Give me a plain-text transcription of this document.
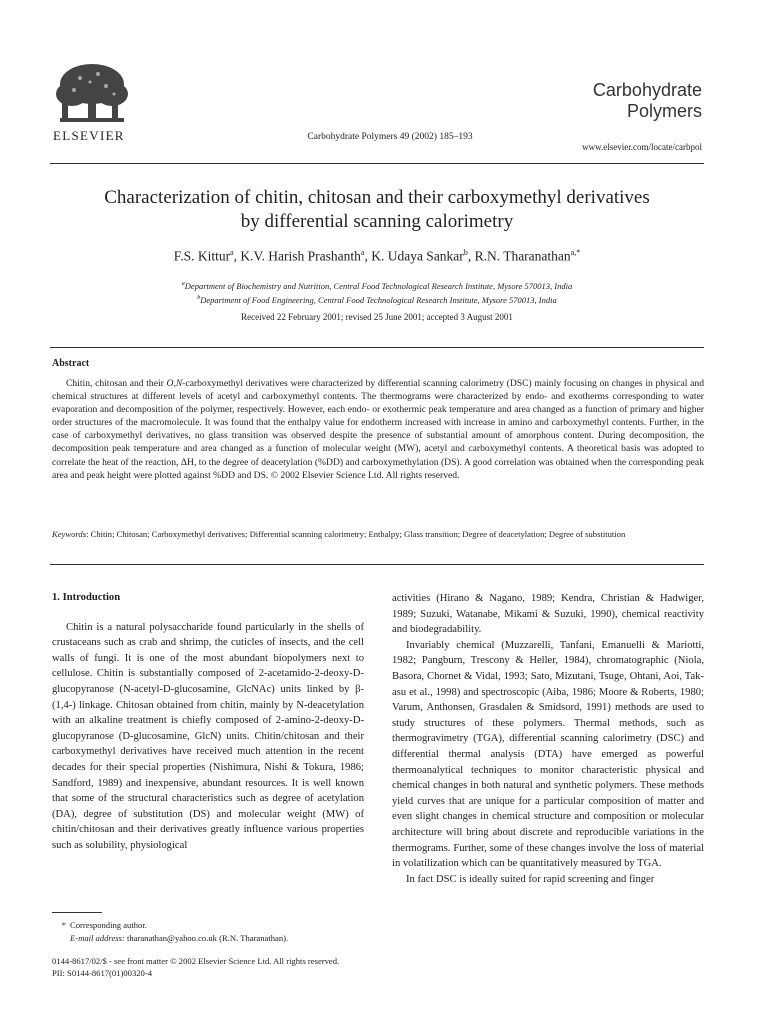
ELSEVIER	Carbohydrate Polymers 49 (2002) 185–193
Carbohydrate
Polymers
www.elsevier.com/locate/carbpol
Characterization of chitin, chitosan and their carboxymethyl derivatives
by differential scanning calorimetry
F.S. Kittur$^a$, K.V. Harish Prashanth$^a$, K. Udaya Sankar$^b$, R.N. Tharanathan$^{a,*}$
$^a$Department of Biochemistry and Nutrition, Central Food Technological Research Institute, Mysore 570013, India
$^b$Department of Food Engineering, Central Food Technological Research Institute, Mysore 570013, India
Received 22 February 2001; revised 25 June 2001; accepted 3 August 2001
Abstract

Chitin, chitosan and their O,N-carboxymethyl derivatives were characterized by differential scanning calorimetry (DSC) mainly focusing on changes in physical and chemical structures at different levels of acetyl and carboxymethyl contents. The thermograms were characterized by endo- and exotherms corresponding to water evaporation and decomposition of the polymer, respectively. However, each endo- or exothermic peak temperature and area changed as a function of primary and higher order structures of the macromolecule. It was found that the enthalpy value for endotherm increased with increase in amino and carboxymethyl contents. Further, in the case of carboxymethyl derivatives, no glass transition was observed despite the presence of substantial amount of amorphous content. During decomposition, the decomposition peak temperature and area changed as a function of molecular weight (MW), acetyl and carboxymethyl contents. A theoretical basis was adopted to correlate the heat of the reaction, ΔH, to the degree of deacetylation (%DD) and carboxymethylation (DS). A good correlation was obtained when the corresponding peak area and peak height were plotted against %DD and DS. © 2002 Elsevier Science Ltd. All rights reserved.

Keywords: Chitin; Chitosan; Carboxymethyl derivatives; Differential scanning calorimetry; Enthalpy; Glass transition; Degree of deacetylation; Degree of substitution

1. Introduction

Chitin is a natural polysaccharide found particularly in the shells of crustaceans such as crab and shrimp, the cuticles of insects, and the cell walls of fungi. It is one of the most abundant biopolymers next to cellulose. Chitin is substantially composed of 2-acetamido-2-deoxy-D-glucopyranose (N-acetyl-D-glucosamine, GlcNAc) units linked by β-(1,4-) linkage. Chitosan obtained from chitin, mainly by N-deacetylation with an alkaline treatment is chiefly composed of 2-amino-2-deoxy-D-glucopyranose (D-glucosamine, GlcN) units. Chitin/chitosan and their carboxymethyl derivatives have received much attention in the recent decades for their special properties (Nishimura, Nishi & Tokura, 1986; Sandford, 1989) and inexpensive, abundant resources. It is well known that some of the structural characteristics such as degree of acetylation (DA), degree of substitution (DS) and molecular weight (MW) of chitin/chitosan and their derivatives greatly influence various properties such as solubility, physiological

activities (Hirano & Nagano, 1989; Kendra, Christian & Hadwiger, 1989; Suzuki, Watanabe, Mikami & Suzuki, 1990), chemical reactivity and biodegradability.

Invariably chemical (Muzzarelli, Tanfani, Emanuelli & Mariotti, 1982; Pangburn, Trescony & Heller, 1984), chromatographic (Niola, Basora, Chornet & Vidal, 1993; Sato, Mizutani, Tsuge, Ohtani, Aoi, Tak-asu et al., 1998) and spectroscopic (Aiba, 1986; Moore & Roberts, 1980; Varum, Anthonsen, Grasdalen & Smidsord, 1991) methods are used to study structures of these polymers. Thermal methods, such as thermogravimetry (TGA), differential scanning calorimetry (DSC) and differential thermal analysis (DTA) have emerged as powerful thermoanalytical techniques to monitor characteristic physical and chemical changes in both natural and synthetic polymers. These methods yield curves that are unique for a particular composition of matter and even slight changes in chemical structure and composition or molecular architecture will bring about discrete and reproducible variations in the thermograms. Further, some of these changes involve the loss of material in volatilization which can be quantitatively measured by TGA.

In fact DSC is ideally suited for rapid screening and finger

* Corresponding author.
E-mail address: tharanathan@yahoo.co.uk (R.N. Tharanathan).
0144-8617/02/$ - see front matter © 2002 Elsevier Science Ltd. All rights reserved.
PII: S0144-8617(01)00320-4
